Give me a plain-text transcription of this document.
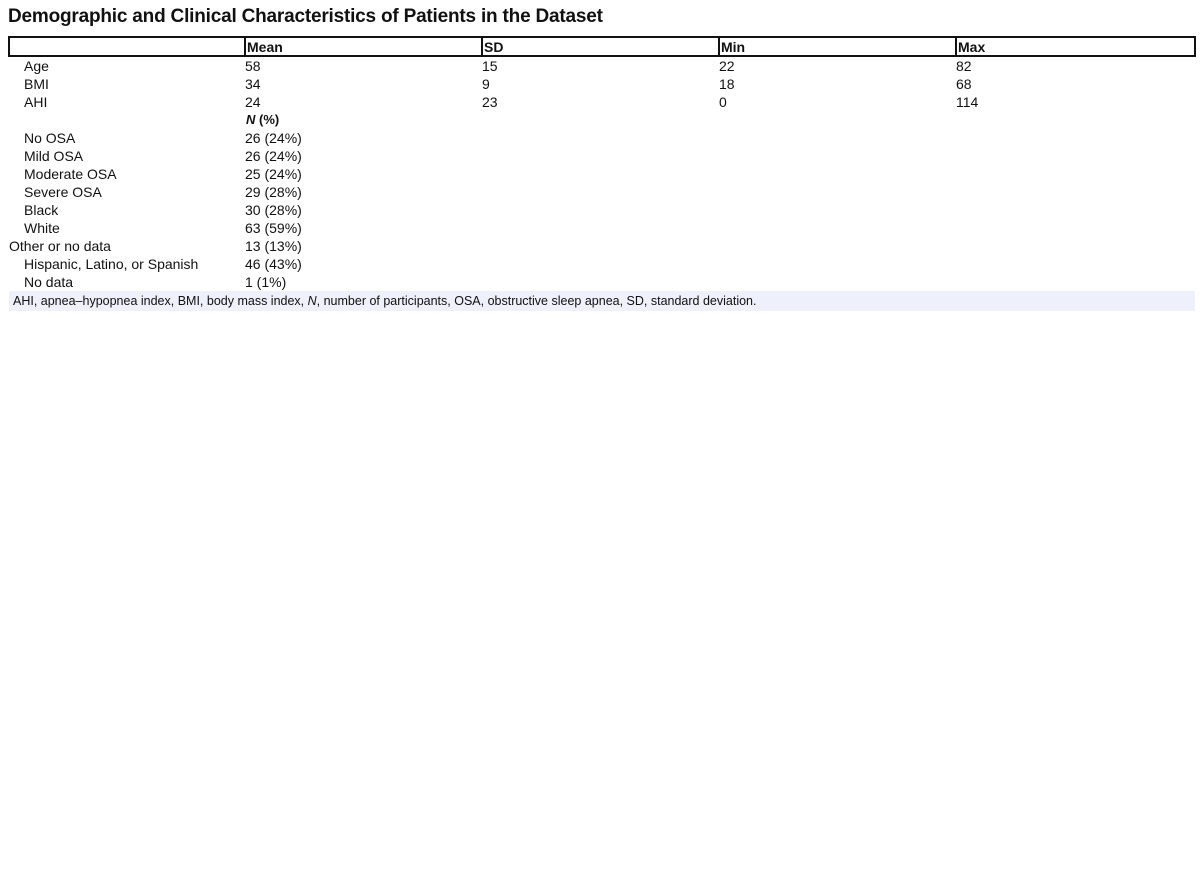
Demographic and Clinical Characteristics of Patients in the Dataset
	Mean	SD	Min	Max
Age	58	15	22	82
BMI	34	9	18	68
AHI	24	23	0	114
	N (%)			
No OSA	26 (24%)			
Mild OSA	26 (24%)			
Moderate OSA	25 (24%)			
Severe OSA	29 (28%)			
Black	30 (28%)			
White	63 (59%)			
Other or no data	13 (13%)			
Hispanic, Latino, or Spanish	46 (43%)			
No data	1 (1%)			
AHI, apnea–hypopnea index, BMI, body mass index, N, number of participants, OSA, obstructive sleep apnea, SD, standard deviation.				
